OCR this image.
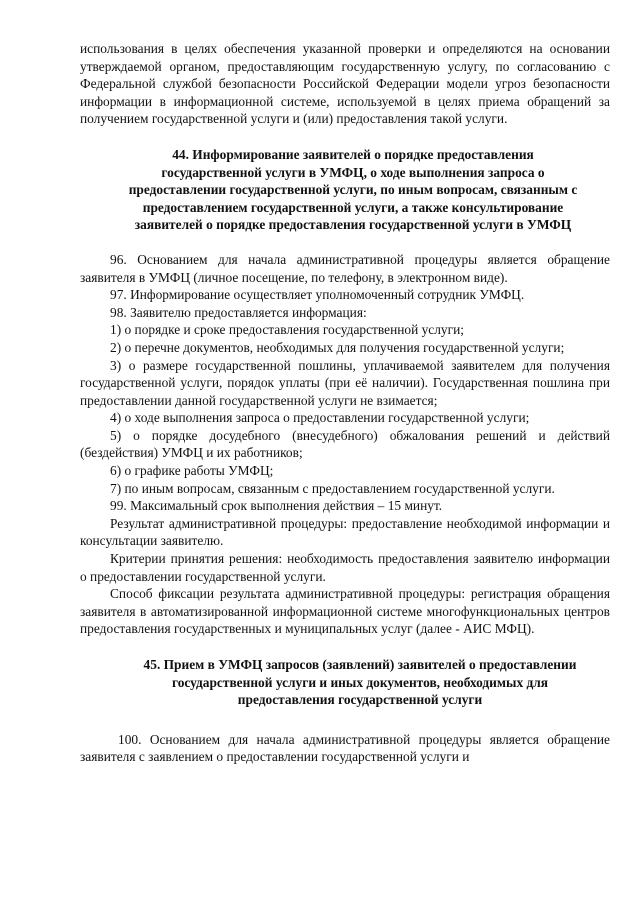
использования в целях обеспечения указанной проверки и определяются на основании утверждаемой органом, предоставляющим государственную услугу, по согласованию с Федеральной службой безопасности Российской Федерации модели угроз безопасности информации в информационной системе, используемой в целях приема обращений за получением государственной услуги и (или) предоставления такой услуги.

44. Информирование заявителей о порядке предоставления
государственной услуги в УМФЦ, о ходе выполнения запроса о
предоставлении государственной услуги, по иным вопросам, связанным с
предоставлением государственной услуги, а также консультирование
заявителей о порядке предоставления государственной услуги в УМФЦ

96. Основанием для начала административной процедуры является обращение заявителя в УМФЦ (личное посещение, по телефону, в электронном виде).

97. Информирование осуществляет уполномоченный сотрудник УМФЦ.

98. Заявителю предоставляется информация:

1) о порядке и сроке предоставления государственной услуги;

2) о перечне документов, необходимых для получения государственной услуги;

3) о размере государственной пошлины, уплачиваемой заявителем для получения государственной услуги, порядок уплаты (при её наличии). Государственная пошлина при предоставлении данной государственной услуги не взимается;

4) о ходе выполнения запроса о предоставлении государственной услуги;

5) о порядке досудебного (внесудебного) обжалования решений и действий (бездействия) УМФЦ и их работников;

6) о графике работы УМФЦ;

7) по иным вопросам, связанным с предоставлением государственной услуги.

99. Максимальный срок выполнения действия – 15 минут.

Результат административной процедуры: предоставление необходимой информации и консультации заявителю.

Критерии принятия решения: необходимость предоставления заявителю информации о предоставлении государственной услуги.

Способ фиксации результата административной процедуры: регистрация обращения заявителя в автоматизированной информационной системе многофункциональных центров предоставления государственных и муниципальных услуг (далее - АИС МФЦ).

45. Прием в УМФЦ запросов (заявлений) заявителей о предоставлении
государственной услуги и иных документов, необходимых для
предоставления государственной услуги

100. Основанием для начала административной процедуры является обращение заявителя с заявлением о предоставлении государственной услуги и
